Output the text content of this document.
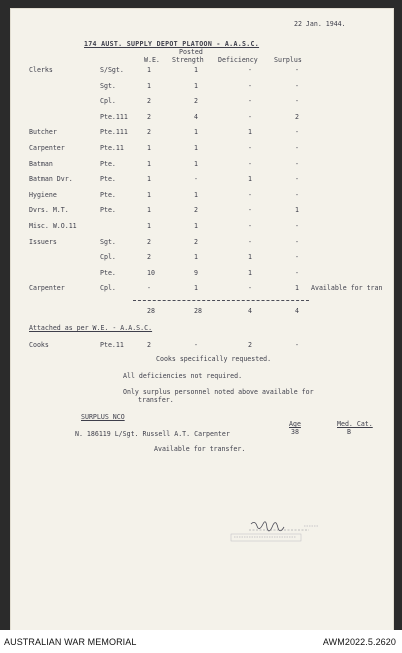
22 Jan. 1944.
174 AUST. SUPPLY DEPOT PLATOON - A.A.S.C.
Posted
W.E. Strength Deficiency Surplus
Clerks	S/Sgt.	1	1	-	-
Sgt.	1	1	-	-
Cpl.	2	2	-	-
Pte.111	2	4	-	2
Butcher	Pte.111	2	1	1	-
Carpenter	Pte.11	1	1	-	-
Batman	Pte.	1	1	-	-
Batman Dvr.	Pte.	1	-	1	-
Hygiene	Pte.	1	1	-	-
Dvrs. M.T.	Pte.	1	2	-	1
Misc. W.O.11	1	1	-	-
Issuers	Sgt.	2	2	-	-
Cpl.	2	1	1	-
Pte.	10	9	1	-
Carpenter	Cpl.	-	1	-	1 Available for tran
28	28	4	4
Attached as per W.E. - A.A.S.C.
Cooks	Pte.11	2	-	2	-
Cooks specifically requested.
All deficiencies not required.
Only surplus personnel noted above available for
transfer.
SURPLUS NCO
Age	Med. Cat.
N. 186119 L/Sgt. Russell A.T. Carpenter	38	B
Available for transfer.
AUSTRALIAN WAR MEMORIAL	AWM2022.5.2620
